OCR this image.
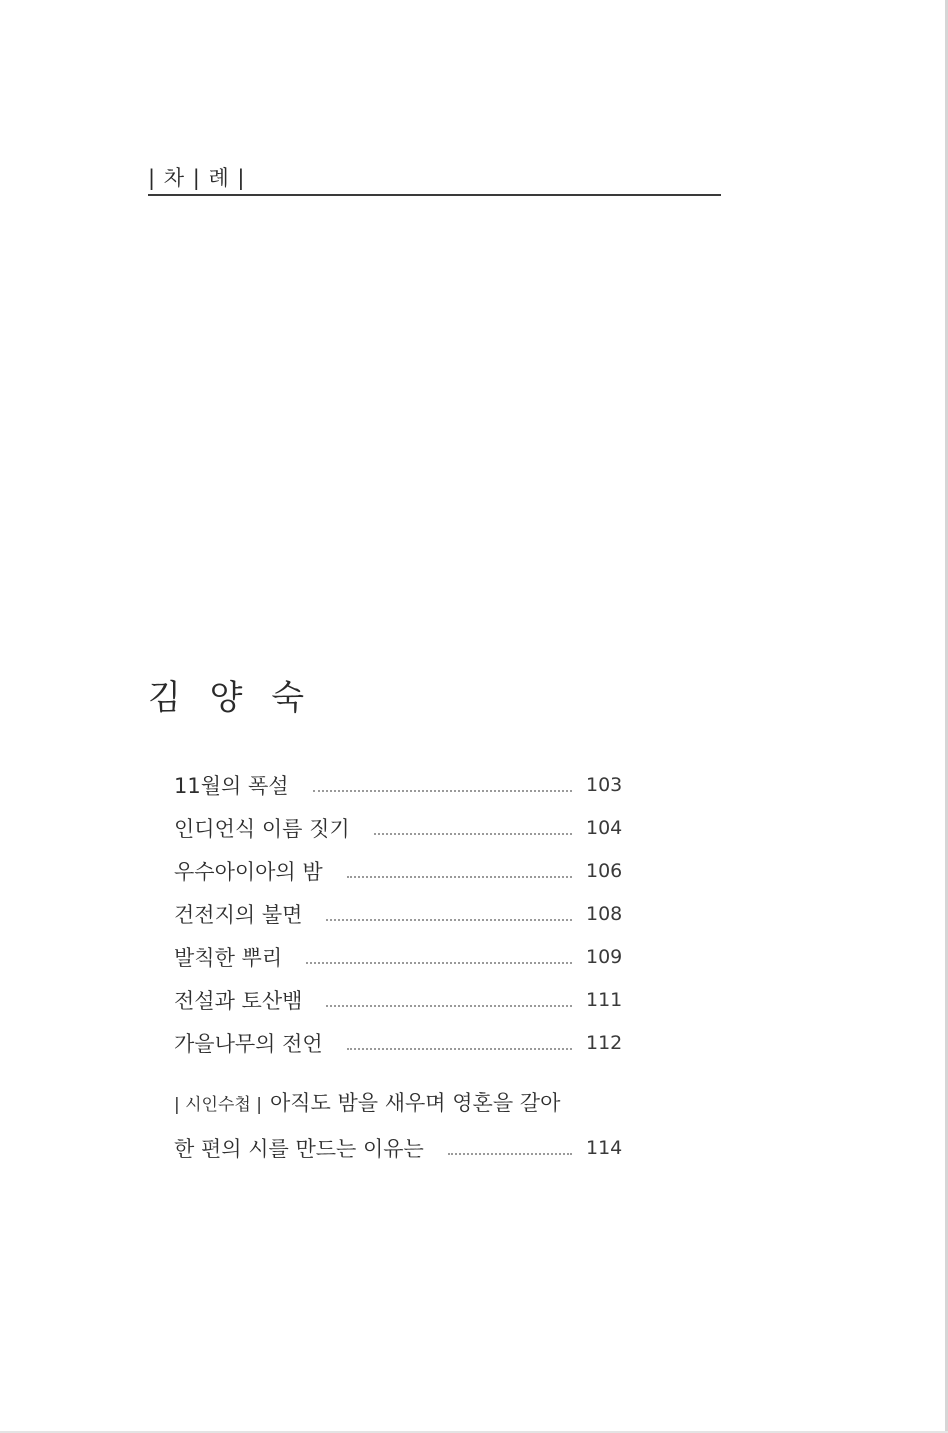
| 차 | 례 |
김 양 숙
11월의 폭설	103
인디언식 이름 짓기	104
우수아이아의 밤	106
건전지의 불면	108
발칙한 뿌리	109
전설과 토산뱀	111
가을나무의 전언	112
| 시인수첩 | 아직도 밤을 새우며 영혼을 갈아
한 편의 시를 만드는 이유는	114
